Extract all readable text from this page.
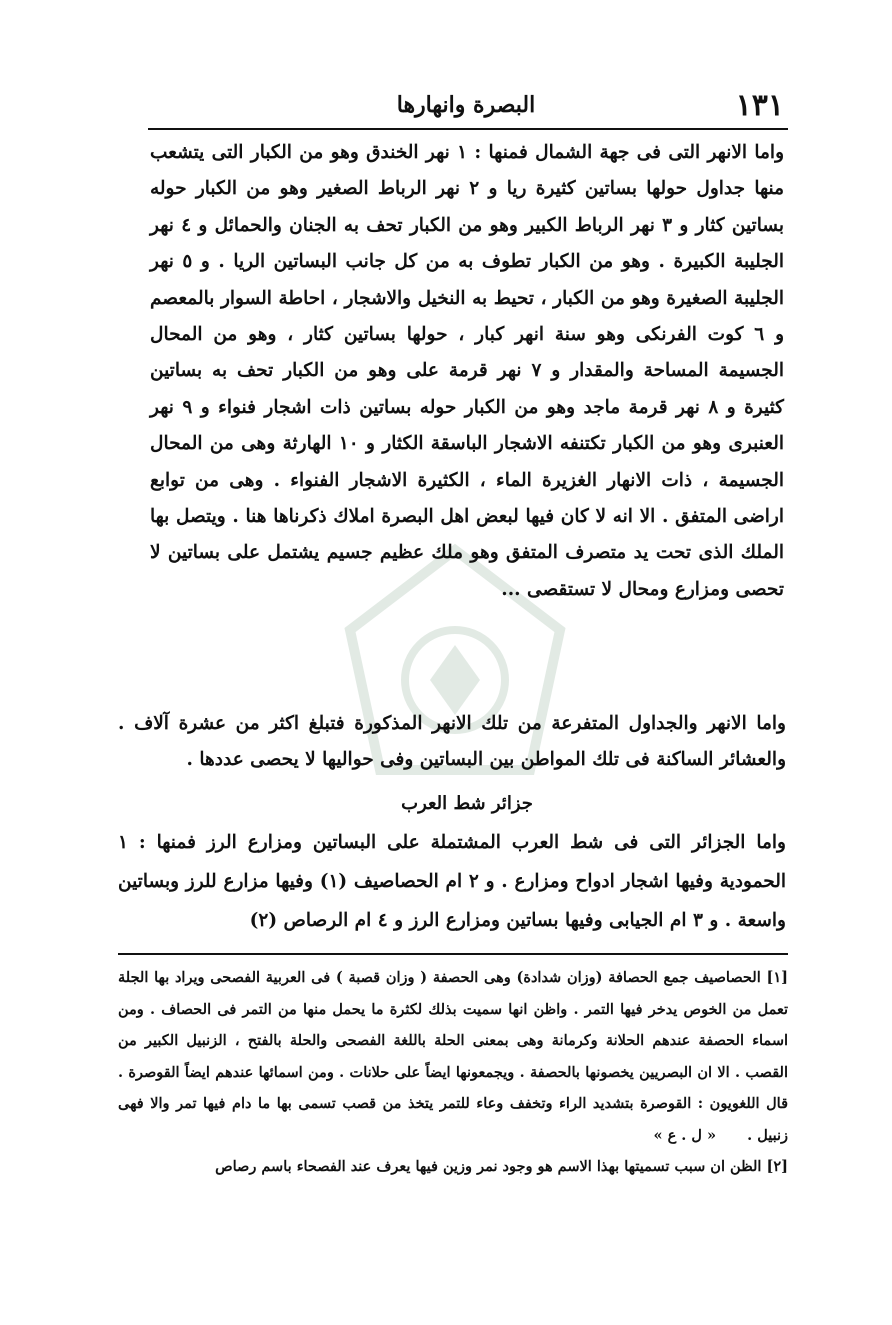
١٣١
البصرة وانهارها

واما الانهر التى فى جهة الشمال فمنها : ١ نهر الخندق وهو من الكبار التى يتشعب منها جداول حولها بساتين كثيرة ريا و ٢ نهر الرباط الصغير وهو من الكبار حوله بساتين كثار و ٣ نهر الرباط الكبير وهو من الكبار تحف به الجنان والحمائل و ٤ نهر الجليبة الكبيرة . وهو من الكبار تطوف به من كل جانب البساتين الريا . و ٥ نهر الجليبة الصغيرة وهو من الكبار ، تحيط به النخيل والاشجار ، احاطة السوار بالمعصم و ٦ كوت الفرنكى وهو سنة انهر كبار ، حولها بساتين كثار ، وهو من المحال الجسيمة المساحة والمقدار و ٧ نهر قرمة على وهو من الكبار تحف به بساتين كثيرة و ٨ نهر قرمة ماجد وهو من الكبار حوله بساتين ذات اشجار فنواء و ٩ نهر العنبرى وهو من الكبار تكتنفه الاشجار الباسقة الكثار و ١٠ الهارثة وهى من المحال الجسيمة ، ذات الانهار الغزيرة الماء ، الكثيرة الاشجار الفنواء . وهى من توابع اراضى المتفق . الا انه لا كان فيها لبعض اهل البصرة املاك ذكرناها هنا . ويتصل بها الملك الذى تحت يد متصرف المتفق وهو ملك عظيم جسيم يشتمل على بساتين لا تحصى ومزارع ومحال لا تستقصى ...

واما الانهر والجداول المتفرعة من تلك الانهر المذكورة فتبلغ اكثر من عشرة آلاف . والعشائر الساكنة فى تلك المواطن بين البساتين وفى حواليها لا يحصى عددها .
جزائر شط العرب
واما الجزائر التى فى شط العرب المشتملة على البساتين ومزارع الرز فمنها : ١ الحمودية وفيها اشجار ادواح ومزارع . و ٢ ام الحصاصيف (١) وفيها مزارع للرز وبساتين واسعة . و ٣ ام الجيابى وفيها بساتين ومزارع الرز و ٤ ام الرصاص (٢)

[١] الحصاصيف جمع الحصافة (وزان شدادة) وهى الحصفة ( وزان قصبة ) فى العربية الفصحى ويراد بها الجلة تعمل من الخوص يدخر فيها التمر . واظن انها سميت بذلك لكثرة ما يحمل منها من التمر فى الحصاف . ومن اسماء الحصفة عندهم الحلانة وكرمانة وهى بمعنى الحلة باللغة الفصحى والحلة بالفتح ، الزنبيل الكبير من القصب . الا ان البصريين يخصونها بالحصفة . ويجمعونها ايضاً على حلانات . ومن اسمائها عندهم ايضاً القوصرة . قال اللغويون : القوصرة بتشديد الراء وتخفف وعاء للتمر يتخذ من قصب تسمى بها ما دام فيها تمر والا فهى زنبيل . « ل . ع »

[٢] الظن ان سبب تسميتها بهذا الاسم هو وجود نمر وزين فيها يعرف عند الفصحاء باسم رصاص
